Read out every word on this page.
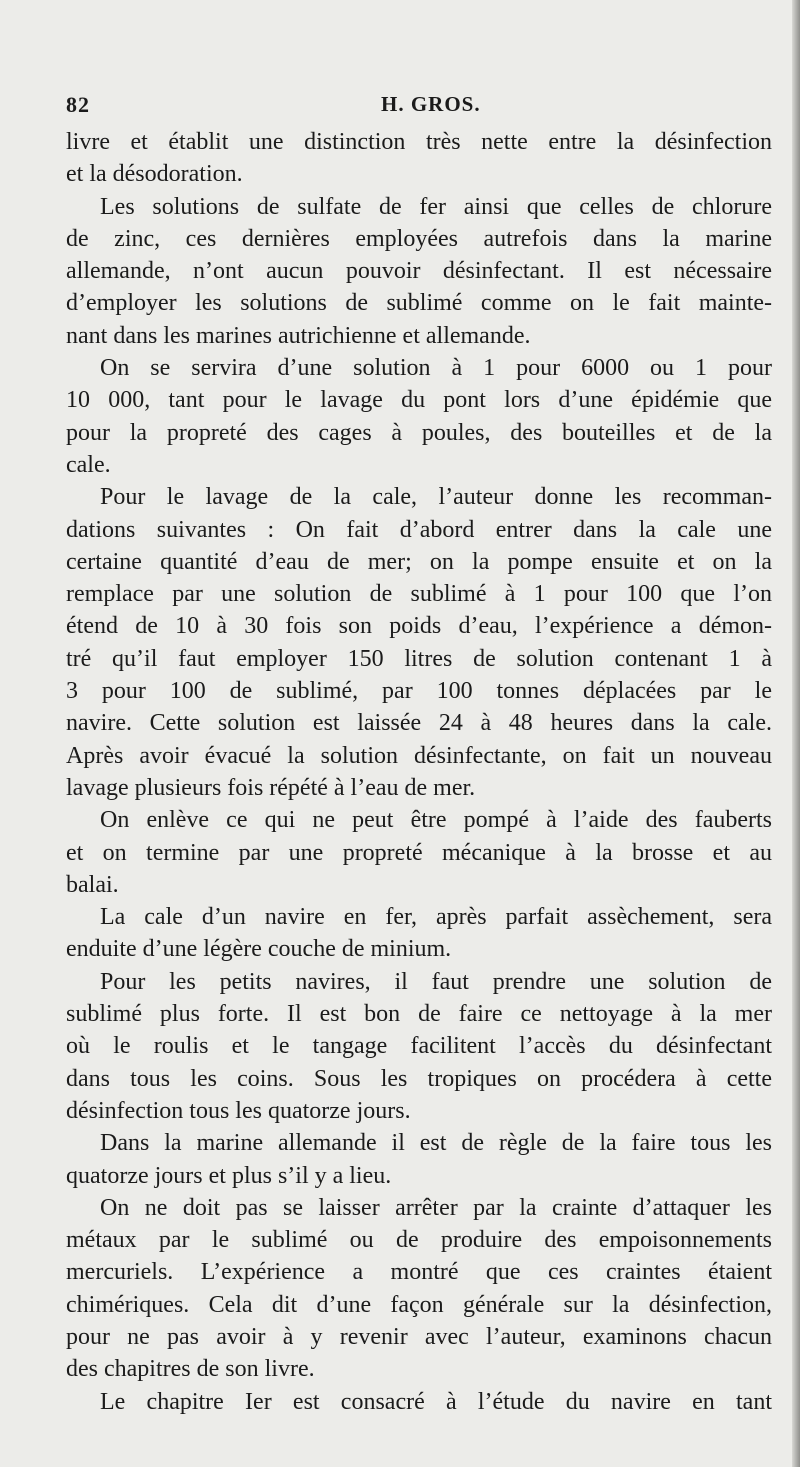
82	H. GROS.
livre et établit une distinction très nette entre la désinfection
et la désodoration.
Les solutions de sulfate de fer ainsi que celles de chlorure
de zinc, ces dernières employées autrefois dans la marine
allemande, n’ont aucun pouvoir désinfectant. Il est nécessaire
d’employer les solutions de sublimé comme on le fait mainte-
nant dans les marines autrichienne et allemande.
On se servira d’une solution à 1 pour 6000 ou 1 pour
10 000, tant pour le lavage du pont lors d’une épidémie que
pour la propreté des cages à poules, des bouteilles et de la
cale.
Pour le lavage de la cale, l’auteur donne les recomman-
dations suivantes : On fait d’abord entrer dans la cale une
certaine quantité d’eau de mer; on la pompe ensuite et on la
remplace par une solution de sublimé à 1 pour 100 que l’on
étend de 10 à 30 fois son poids d’eau, l’expérience a démon-
tré qu’il faut employer 150 litres de solution contenant 1 à
3 pour 100 de sublimé, par 100 tonnes déplacées par le
navire. Cette solution est laissée 24 à 48 heures dans la cale.
Après avoir évacué la solution désinfectante, on fait un nouveau
lavage plusieurs fois répété à l’eau de mer.
On enlève ce qui ne peut être pompé à l’aide des fauberts
et on termine par une propreté mécanique à la brosse et au
balai.
La cale d’un navire en fer, après parfait assèchement, sera
enduite d’une légère couche de minium.
Pour les petits navires, il faut prendre une solution de
sublimé plus forte. Il est bon de faire ce nettoyage à la mer
où le roulis et le tangage facilitent l’accès du désinfectant
dans tous les coins. Sous les tropiques on procédera à cette
désinfection tous les quatorze jours.
Dans la marine allemande il est de règle de la faire tous les
quatorze jours et plus s’il y a lieu.
On ne doit pas se laisser arrêter par la crainte d’attaquer les
métaux par le sublimé ou de produire des empoisonnements
mercuriels. L’expérience a montré que ces craintes étaient
chimériques. Cela dit d’une façon générale sur la désinfection,
pour ne pas avoir à y revenir avec l’auteur, examinons chacun
des chapitres de son livre.
Le chapitre Ier est consacré à l’étude du navire en tant
